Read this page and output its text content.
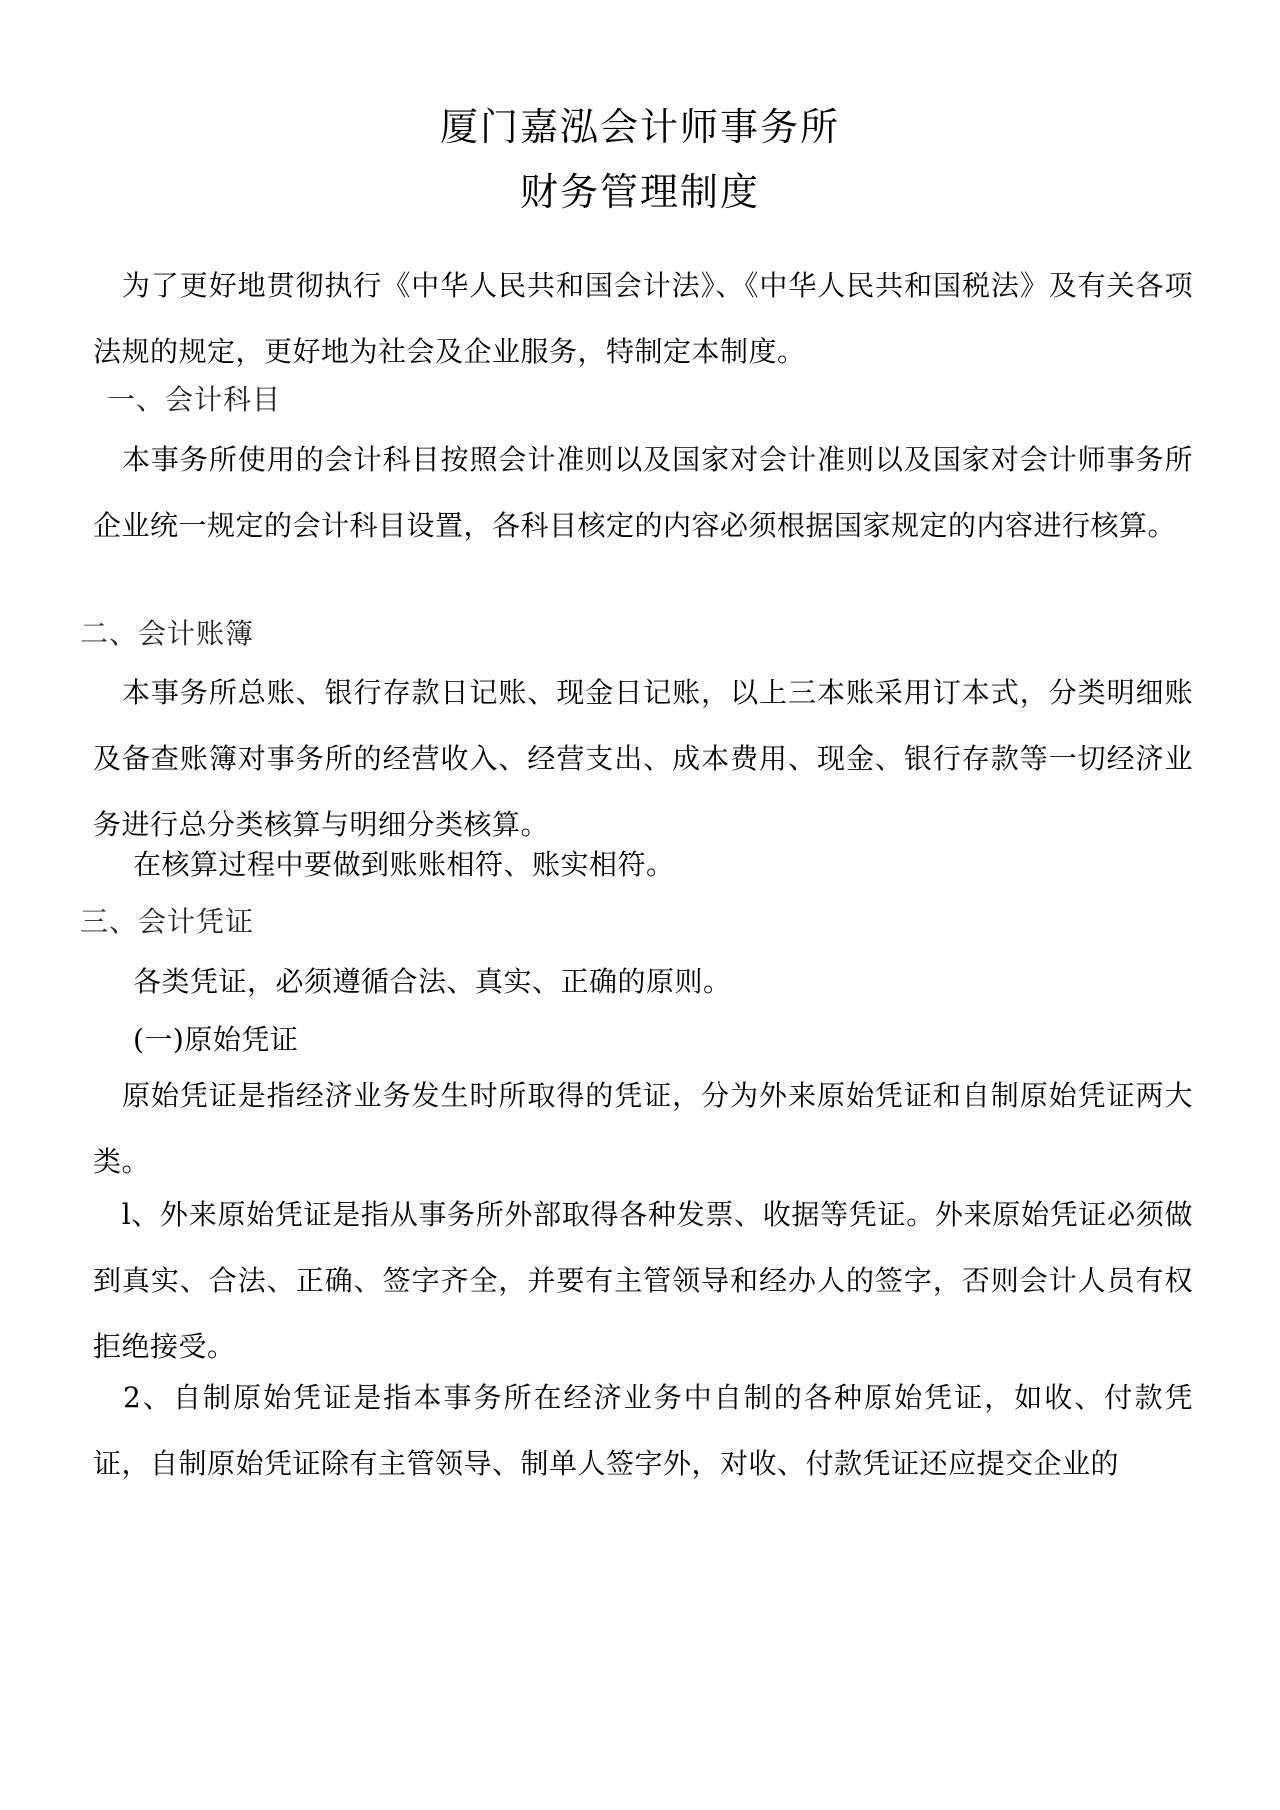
厦门嘉泓会计师事务所
财务管理制度
　为了更好地贯彻执行《中华人民共和国会计法》、《中华人民共和国税法》及有关各项法规的规定，更好地为社会及企业服务，特制定本制度。
一、会计科目
　本事务所使用的会计科目按照会计准则以及国家对会计准则以及国家对会计师事务所企业统一规定的会计科目设置，各科目核定的内容必须根据国家规定的内容进行核算。
二、会计账簿
　本事务所总账、银行存款日记账、现金日记账，以上三本账采用订本式，分类明细账及备查账簿对事务所的经营收入、经营支出、成本费用、现金、银行存款等一切经济业务进行总分类核算与明细分类核算。
在核算过程中要做到账账相符、账实相符。
三、会计凭证
各类凭证，必须遵循合法、真实、正确的原则。
(一)原始凭证
　原始凭证是指经济业务发生时所取得的凭证，分为外来原始凭证和自制原始凭证两大类。
　l、外来原始凭证是指从事务所外部取得各种发票、收据等凭证。外来原始凭证必须做到真实、合法、正确、签字齐全，并要有主管领导和经办人的签字，否则会计人员有权拒绝接受。
　2、自制原始凭证是指本事务所在经济业务中自制的各种原始凭证，如收、付款凭证，自制原始凭证除有主管领导、制单人签字外，对收、付款凭证还应提交企业的
